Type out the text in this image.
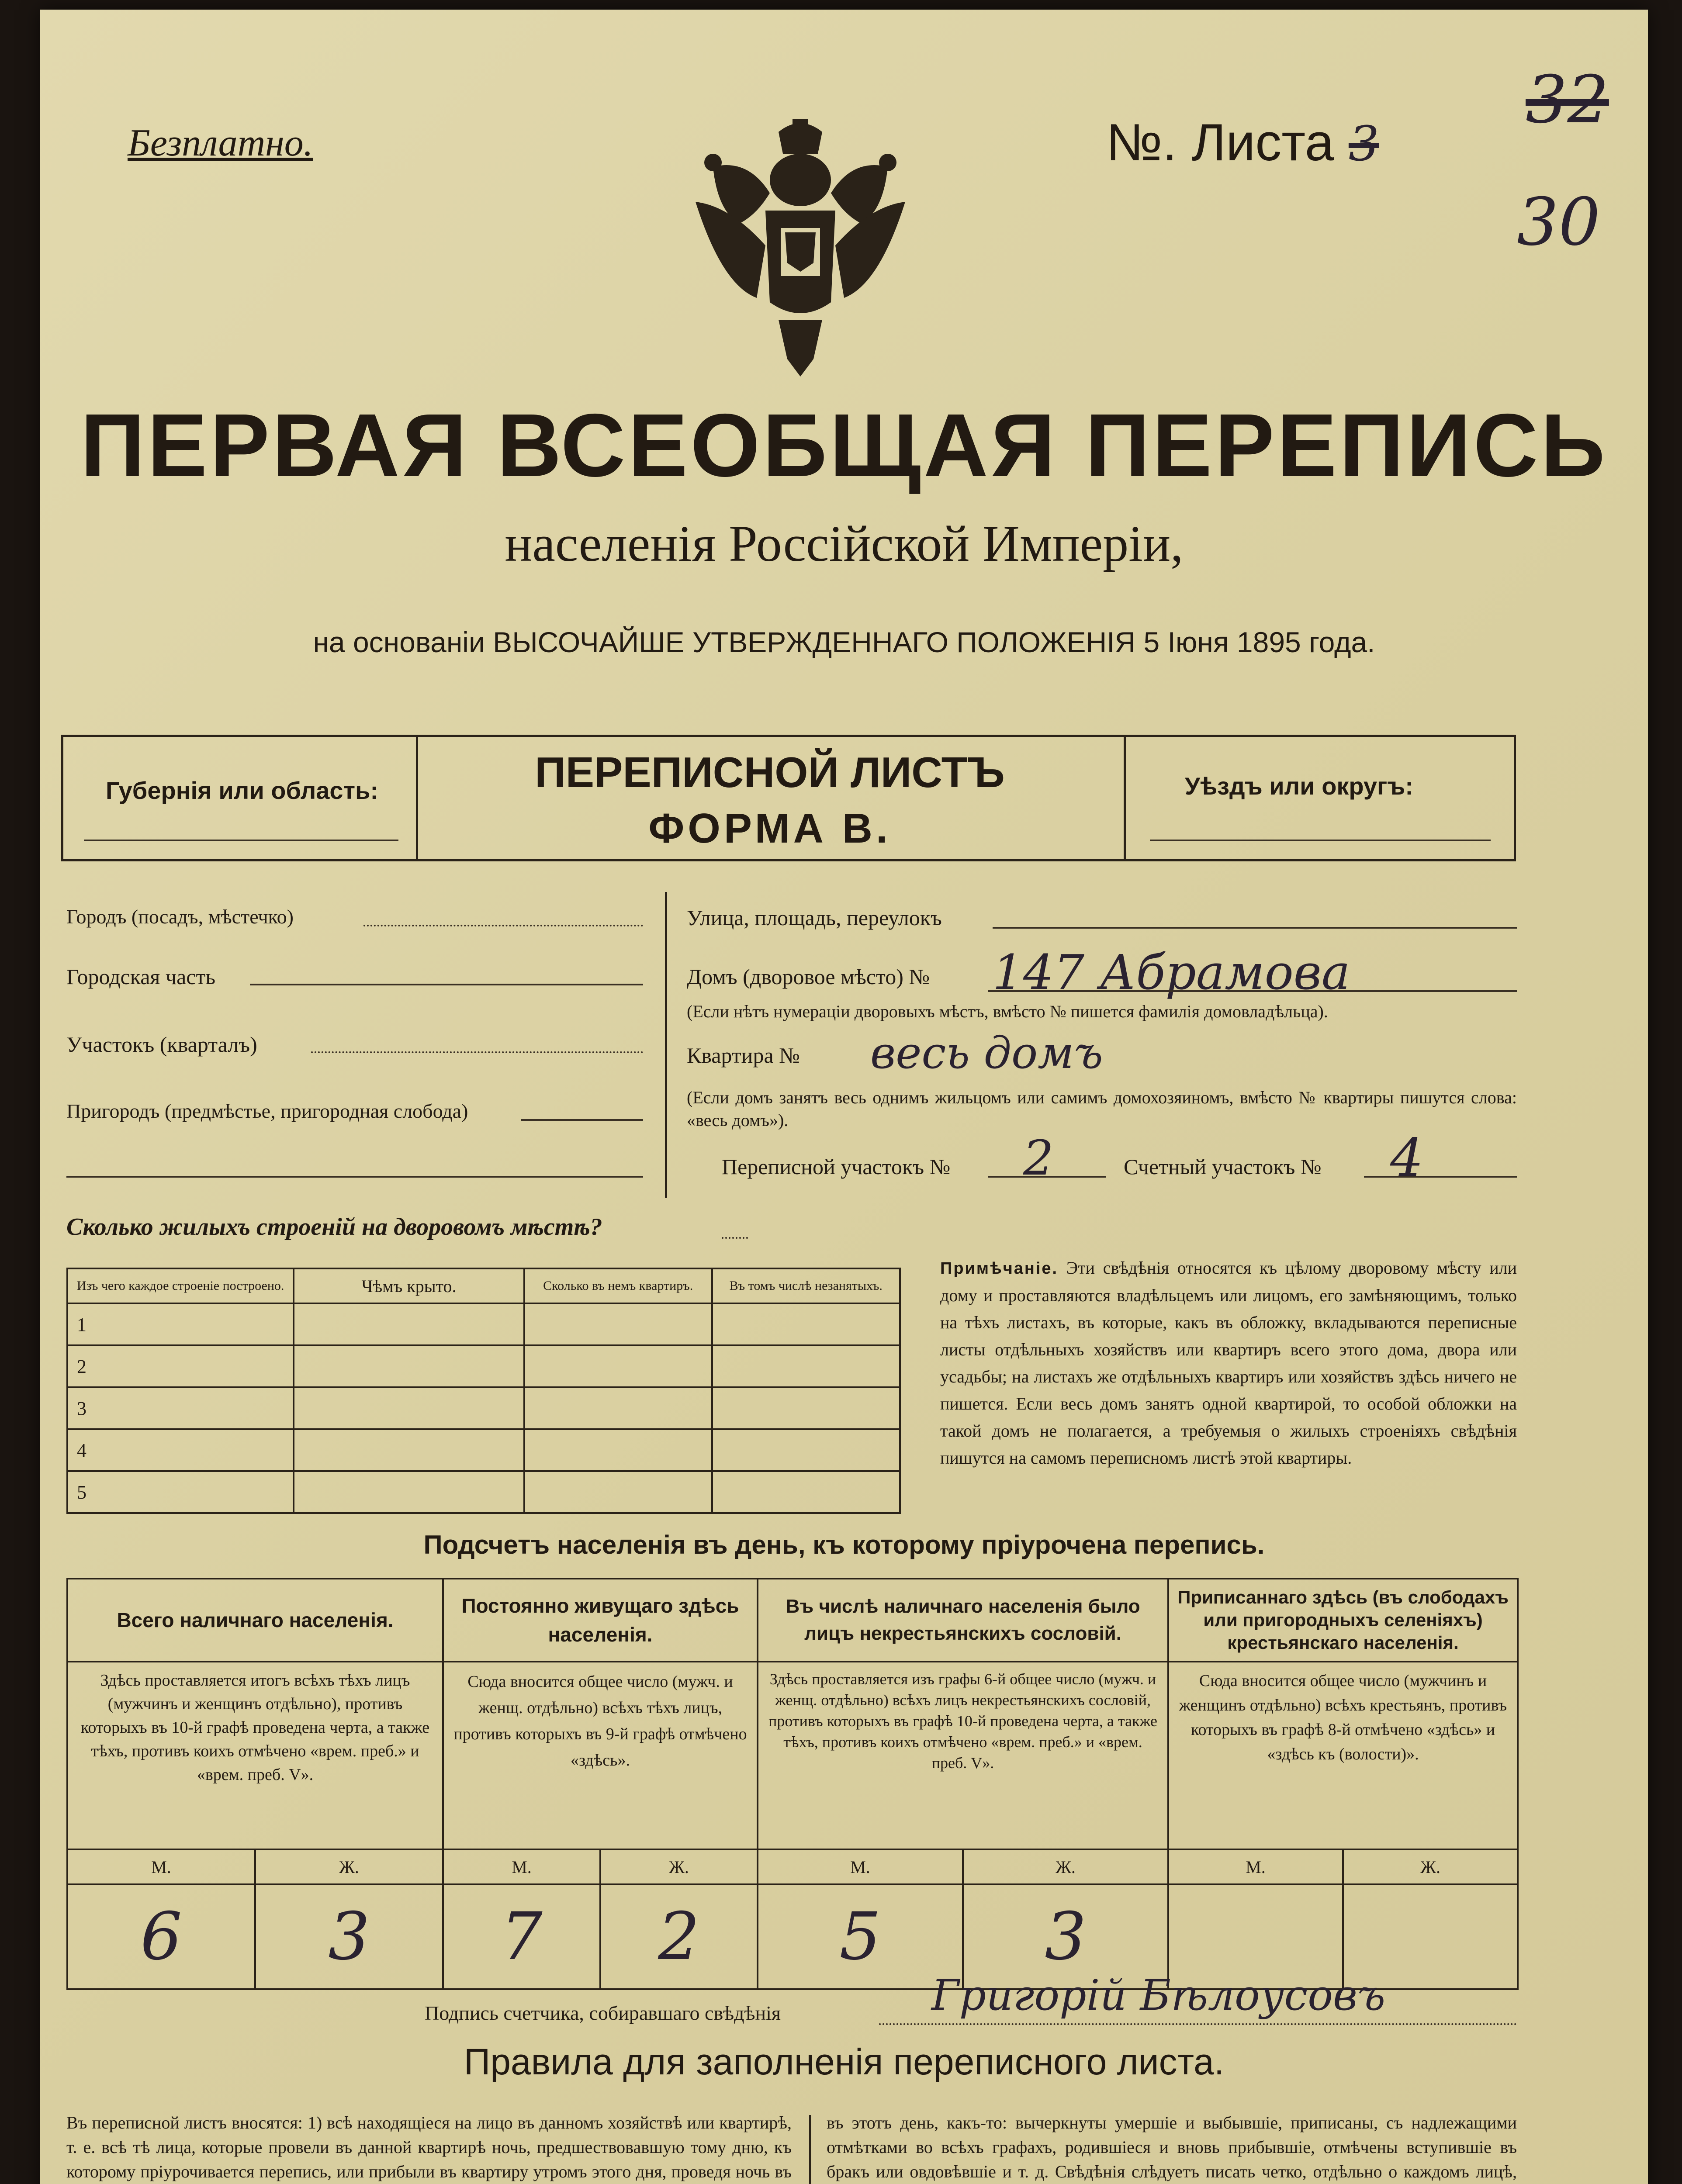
Безплатно.	№. Листа 3
32
30
ПЕРВАЯ ВСЕОБЩАЯ ПЕРЕПИСЬ
населенія Россійской Имперіи,
на основаніи ВЫСОЧАЙШЕ УТВЕРЖДЕННАГО ПОЛОЖЕНІЯ 5 Іюня 1895 года.
Губернія или область:	ПЕРЕПИСНОЙ ЛИСТЪ
ФОРМА В.
Уѣздъ или округъ:
Городъ (посадъ, мѣстечко)
Городская часть
Участокъ (кварталъ)
Пригородъ (предмѣстье, пригородная слобода)
Улица, площадь, переулокъ
Домъ (дворовое мѣсто) № 147 Абрамова
(Если нѣтъ нумераціи дворовыхъ мѣстъ, вмѣсто № пишется фамилія домовладѣльца).
Квартира № весь домъ
(Если домъ занятъ весь однимъ жильцомъ или самимъ домохозяиномъ, вмѣсто № квартиры пишутся слова: «весь домъ»).
Переписной участокъ № 2	Счетный участокъ № 4
Сколько жилыхъ строеній на дворовомъ мѣстѣ?
Изъ чего каждое строеніе построено.	Чѣмъ крыто.	Сколько въ немъ квартиръ.	Въ томъ числѣ незанятыхъ.
1			
2			
3			
4			
5			
Примѣчаніе. Эти свѣдѣнія относятся къ цѣлому дворовому мѣсту или дому и проставляются владѣльцемъ или лицомъ, его замѣняющимъ, только на тѣхъ листахъ, въ которые, какъ въ обложку, вкладываются переписные листы отдѣльныхъ хозяйствъ или квартиръ всего этого дома, двора или усадьбы; на листахъ же отдѣльныхъ квартиръ или хозяйствъ здѣсь ничего не пишется. Если весь домъ занятъ одной квартирой, то особой обложки на такой домъ не полагается, а требуемыя о жилыхъ строеніяхъ свѣдѣнія пишутся на самомъ переписномъ листѣ этой квартиры.
Подсчетъ населенія въ день, къ которому пріурочена перепись.
Всего наличнаго населенія.		Постоянно живущаго здѣсь населенія.		Въ числѣ наличнаго населенія было лицъ некрестьянскихъ сословій.		Приписаннаго здѣсь (въ слободахъ или пригородныхъ селеніяхъ) крестьянскаго населенія.	
Здѣсь проставляется итогъ всѣхъ тѣхъ лицъ (мужчинъ и женщинъ отдѣльно), противъ которыхъ въ 10-й графѣ проведена черта, а также тѣхъ, противъ коихъ отмѣчено «врем. преб.» и «врем. преб. V».		Сюда вносится общее число (мужч. и женщ. отдѣльно) всѣхъ тѣхъ лицъ, противъ которыхъ въ 9-й графѣ отмѣчено «здѣсь».		Здѣсь проставляется изъ графы 6-й общее число (мужч. и женщ. отдѣльно) всѣхъ лицъ некрестьянскихъ сословій, противъ которыхъ въ графѣ 10-й проведена черта, а также тѣхъ, противъ коихъ отмѣчено «врем. преб.» и «врем. преб. V».		Сюда вносится общее число (мужчинъ и женщинъ отдѣльно) всѣхъ крестьянъ, противъ которыхъ въ графѣ 8-й отмѣчено «здѣсь» и «здѣсь къ (волости)».	
М.	Ж.	М.	Ж.	М.	Ж.	М.	Ж.
6	3	7	2	5	3		
Подпись счетчика, собиравшаго свѣдѣнія	Григорій Бѣлоусовъ
Правила для заполненія переписного листа.
Въ переписной листъ вносятся: 1) всѣ находящіеся на лицо въ данномъ хозяйствѣ или квартирѣ, т. е. всѣ тѣ лица, которые провели въ данной квартирѣ ночь, предшествовавшую тому дню, къ которому пріурочивается перепись, или прибыли въ квартиру утромъ этого дня, проведя ночь въ
въ этотъ день, какъ-то: вычеркнуты умершіе и выбывшіе, приписаны, съ надлежащими отмѣтками во всѣхъ графахъ, родившіеся и вновь прибывшіе, отмѣчены вступившіе въ бракъ или овдовѣвшіе и т. д. Свѣдѣнія слѣдуетъ писать четко, отдѣльно о каждомъ лицѣ,
